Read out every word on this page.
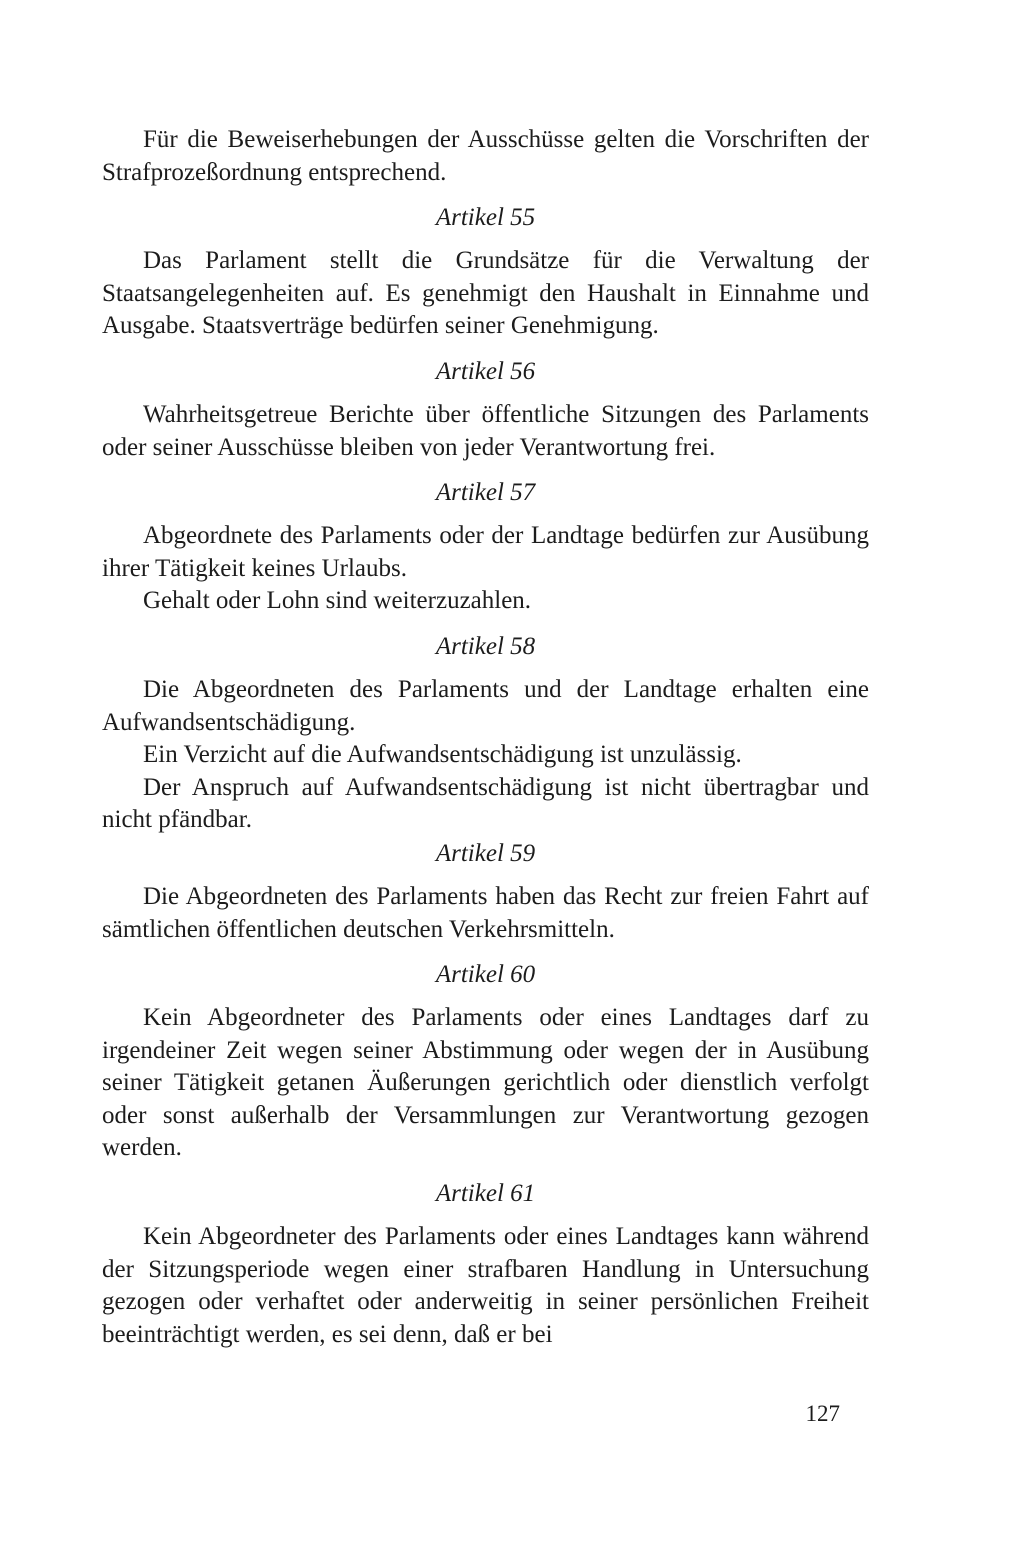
Für die Beweiserhebungen der Ausschüsse gelten die Vorschriften der Strafprozeßordnung entsprechend.

Artikel 55

Das Parlament stellt die Grundsätze für die Verwaltung der Staatsangelegenheiten auf. Es genehmigt den Haushalt in Einnahme und Ausgabe. Staatsverträge bedürfen seiner Genehmigung.

Artikel 56

Wahrheitsgetreue Berichte über öffentliche Sitzungen des Parlaments oder seiner Ausschüsse bleiben von jeder Verantwortung frei.

Artikel 57

Abgeordnete des Parlaments oder der Landtage bedürfen zur Ausübung ihrer Tätigkeit keines Urlaubs.

Gehalt oder Lohn sind weiterzuzahlen.

Artikel 58

Die Abgeordneten des Parlaments und der Landtage erhalten eine Aufwandsentschädigung.

Ein Verzicht auf die Aufwandsentschädigung ist unzulässig.

Der Anspruch auf Aufwandsentschädigung ist nicht übertragbar und nicht pfändbar.

Artikel 59

Die Abgeordneten des Parlaments haben das Recht zur freien Fahrt auf sämtlichen öffentlichen deutschen Verkehrsmitteln.

Artikel 60

Kein Abgeordneter des Parlaments oder eines Landtages darf zu irgendeiner Zeit wegen seiner Abstimmung oder wegen der in Ausübung seiner Tätigkeit getanen Äußerungen gerichtlich oder dienstlich verfolgt oder sonst außerhalb der Versammlungen zur Verantwortung gezogen werden.

Artikel 61

Kein Abgeordneter des Parlaments oder eines Landtages kann während der Sitzungsperiode wegen einer strafbaren Handlung in Untersuchung gezogen oder verhaftet oder anderweitig in seiner persönlichen Freiheit beeinträchtigt werden, es sei denn, daß er bei

127
